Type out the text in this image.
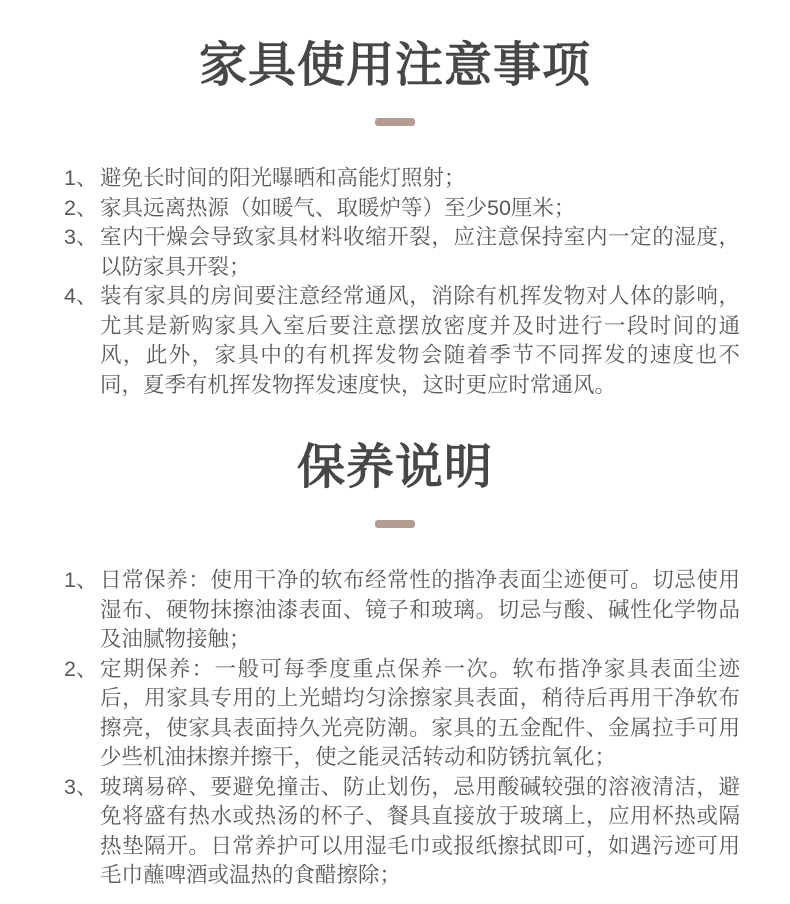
家具使用注意事项
1、 避免长时间的阳光曝晒和高能灯照射；
2、 家具远离热源（如暖气、取暖炉等）至少50厘米；
3、 室内干燥会导致家具材料收缩开裂，应注意保持室内一定的湿度，以防家具开裂；
4、 装有家具的房间要注意经常通风，消除有机挥发物对人体的影响，尤其是新购家具入室后要注意摆放密度并及时进行一段时间的通风，此外，家具中的有机挥发物会随着季节不同挥发的速度也不同，夏季有机挥发物挥发速度快，这时更应时常通风。
保养说明
1、 日常保养：使用干净的软布经常性的揩净表面尘迹便可。切忌使用湿布、硬物抹擦油漆表面、镜子和玻璃。切忌与酸、碱性化学物品及油腻物接触；
2、 定期保养：一般可每季度重点保养一次。软布揩净家具表面尘迹后，用家具专用的上光蜡均匀涂擦家具表面，稍待后再用干净软布擦亮，使家具表面持久光亮防潮。家具的五金配件、金属拉手可用少些机油抹擦并擦干，使之能灵活转动和防锈抗氧化；
3、 玻璃易碎、要避免撞击、防止划伤，忌用酸碱较强的溶液清洁，避免将盛有热水或热汤的杯子、餐具直接放于玻璃上，应用杯热或隔热垫隔开。日常养护可以用湿毛巾或报纸擦拭即可，如遇污迹可用毛巾蘸啤酒或温热的食醋擦除；
